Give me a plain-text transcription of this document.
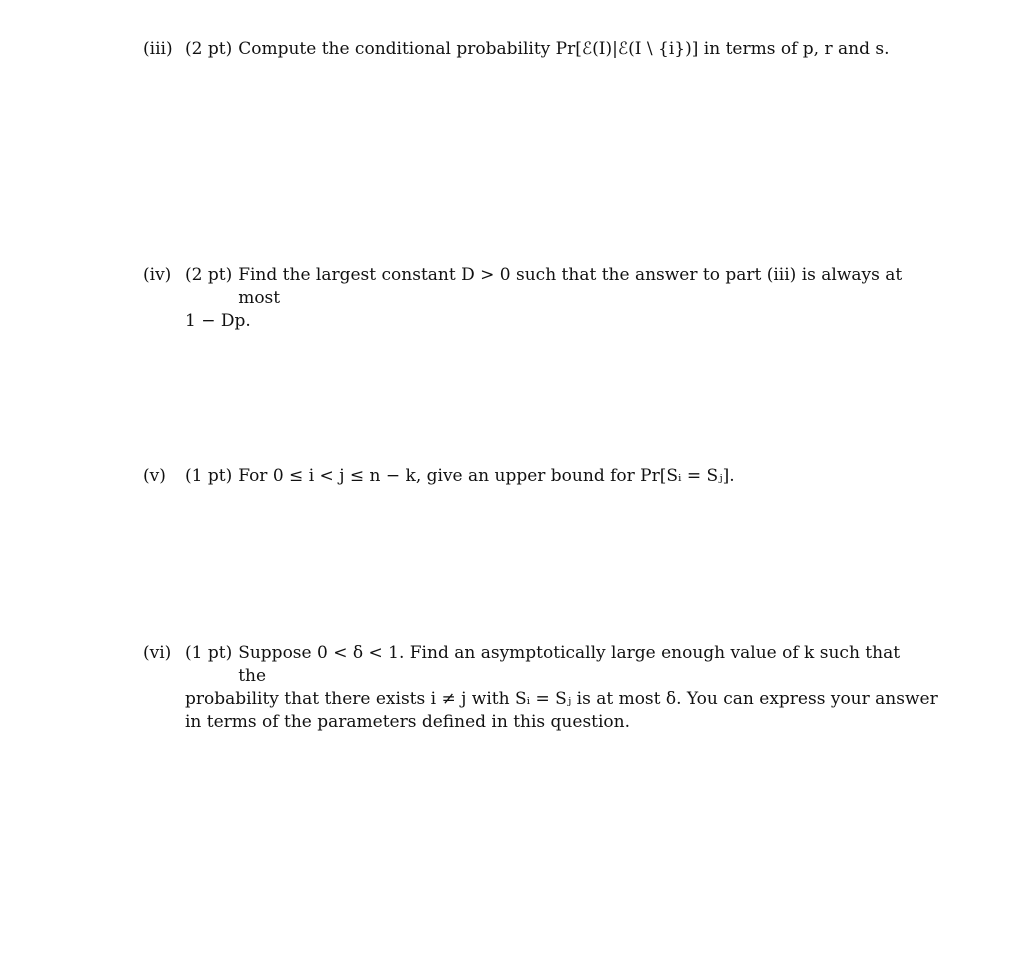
(iii) (2 pt) Compute the conditional probability Pr[ℰ(I)|ℰ(I \ {i})] in terms of p, r and s.
(iv) (2 pt) Find the largest constant D > 0 such that the answer to part (iii) is always at most
1 − Dp.
(v)	(1 pt) For 0 ≤ i < j ≤ n − k, give an upper bound for Pr[Sᵢ = Sⱼ].
(vi) (1 pt) Suppose 0 < δ < 1. Find an asymptotically large enough value of k such that the
probability that there exists i ≠ j with Sᵢ = Sⱼ is at most δ. You can express your answer
in terms of the parameters defined in this question.
